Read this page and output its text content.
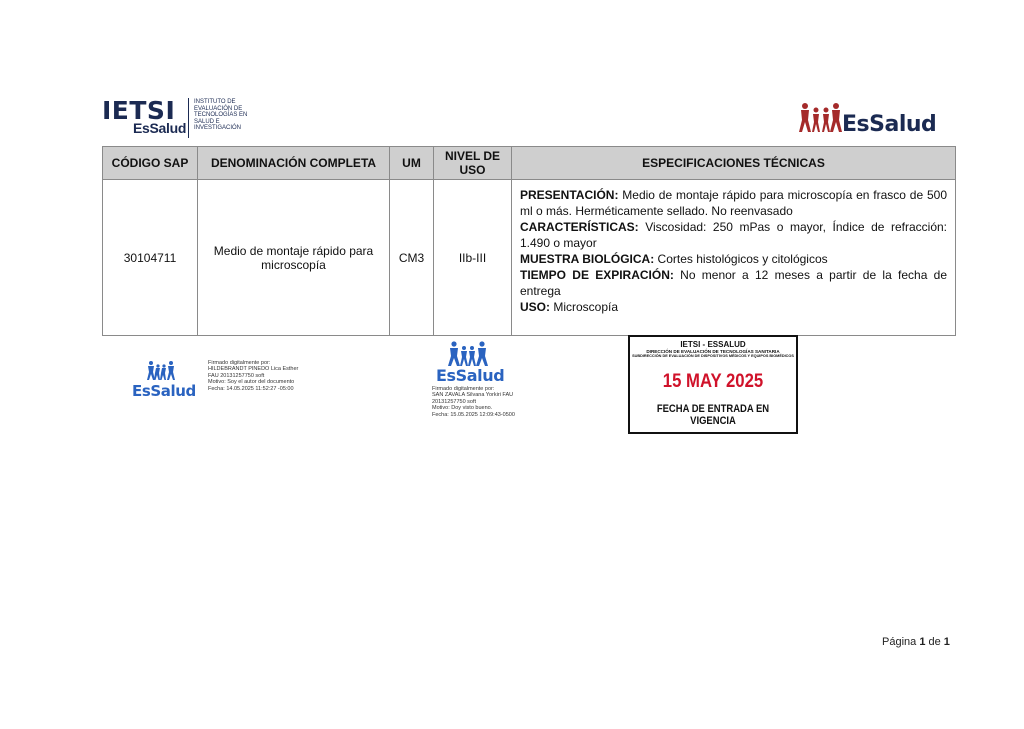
IETSI
EsSalud
INSTITUTO DE EVALUACIÓN DE TECNOLOGÍAS EN SALUD E INVESTIGACIÓN	EsSalud
CÓDIGO SAP	DENOMINACIÓN COMPLETA	UM	NIVEL DE USO	ESPECIFICACIONES TÉCNICAS
30104711	Medio de montaje rápido para microscopía	CM3	IIb-III	PRESENTACIÓN: Medio de montaje rápido para microscopía en frasco de 500 ml o más. Herméticamente sellado. No reenvasado
CARACTERÍSTICAS: Viscosidad: 250 mPas o mayor, Índice de refracción: 1.490 o mayor
MUESTRA BIOLÓGICA: Cortes histológicos y citológicos
TIEMPO DE EXPIRACIÓN: No menor a 12 meses a partir de la fecha de entrega
USO: Microscopía
EsSalud
Firmado digitalmente por:
HILDEBRANDT PINEDO Lica Esther
FAU 20131257750 soft
Motivo: Soy el autor del documento
Fecha: 14.05.2025 11:52:27 -05:00
EsSalud
Firmado digitalmente por:
SAN ZAVALA Silvana Yorkiri FAU
20131257750 soft
Motivo: Doy visto bueno.
Fecha: 15.05.2025 12:09:43-0500
IETSI - ESSALUD
DIRECCIÓN DE EVALUACIÓN DE TECNOLOGÍAS SANITARIA
SUBDIRECCIÓN DE EVALUACIÓN DE DISPOSITIVOS MÉDICOS Y EQUIPOS BIOMÉDICOS
15 MAY 2025
FECHA DE ENTRADA EN VIGENCIA
Página 1 de 1
